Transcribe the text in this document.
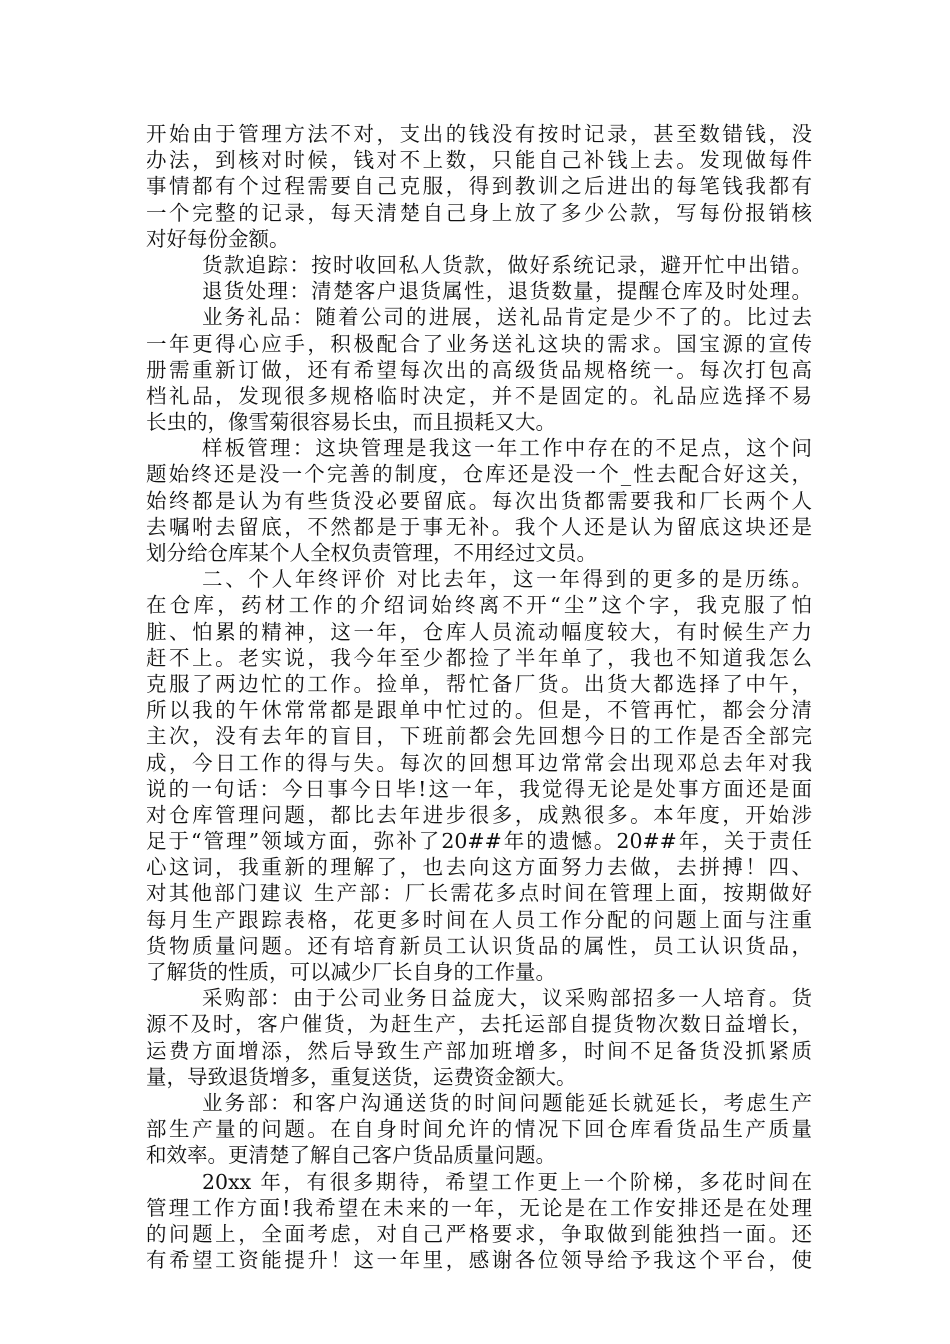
开始由于管理方法不对，支出的钱没有按时记录，甚至数错钱，没
办法，到核对时候，钱对不上数，只能自己补钱上去。发现做每件
事情都有个过程需要自己克服，得到教训之后进出的每笔钱我都有
一个完整的记录，每天清楚自己身上放了多少公款，写每份报销核
对好每份金额。
货款追踪：按时收回私人货款，做好系统记录，避开忙中出错。
退货处理：清楚客户退货属性，退货数量，提醒仓库及时处理。
业务礼品：随着公司的进展，送礼品肯定是少不了的。比过去
一年更得心应手，积极配合了业务送礼这块的需求。国宝源的宣传
册需重新订做，还有希望每次出的高级货品规格统一。每次打包高
档礼品，发现很多规格临时决定，并不是固定的。礼品应选择不易
长虫的，像雪菊很容易长虫，而且损耗又大。
样板管理：这块管理是我这一年工作中存在的不足点，这个问
题始终还是没一个完善的制度，仓库还是没一个_性去配合好这关，
始终都是认为有些货没必要留底。每次出货都需要我和厂长两个人
去嘱咐去留底，不然都是于事无补。我个人还是认为留底这块还是
划分给仓库某个人全权负责管理，不用经过文员。
二、个人年终评价 对比去年，这一年得到的更多的是历练。
在仓库，药材工作的介绍词始终离不开“尘”这个字，我克服了怕
脏、怕累的精神，这一年，仓库人员流动幅度较大，有时候生产力
赶不上。老实说，我今年至少都捡了半年单了，我也不知道我怎么
克服了两边忙的工作。捡单，帮忙备厂货。出货大都选择了中午，
所以我的午休常常都是跟单中忙过的。但是，不管再忙，都会分清
主次，没有去年的盲目，下班前都会先回想今日的工作是否全部完
成，今日工作的得与失。每次的回想耳边常常会出现邓总去年对我
说的一句话：今日事今日毕!这一年，我觉得无论是处事方面还是面
对仓库管理问题，都比去年进步很多，成熟很多。本年度，开始涉
足于“管理”领域方面，弥补了20##年的遗憾。20##年，关于责任
心这词，我重新的理解了，也去向这方面努力去做，去拼搏！四、
对其他部门建议 生产部：厂长需花多点时间在管理上面，按期做好
每月生产跟踪表格，花更多时间在人员工作分配的问题上面与注重
货物质量问题。还有培育新员工认识货品的属性，员工认识货品，
了解货的性质，可以减少厂长自身的工作量。
采购部：由于公司业务日益庞大，议采购部招多一人培育。货
源不及时，客户催货，为赶生产，去托运部自提货物次数日益增长，
运费方面增添，然后导致生产部加班增多，时间不足备货没抓紧质
量，导致退货增多，重复送货，运费资金额大。
业务部：和客户沟通送货的时间问题能延长就延长，考虑生产
部生产量的问题。在自身时间允许的情况下回仓库看货品生产质量
和效率。更清楚了解自己客户货品质量问题。
20xx 年，有很多期待，希望工作更上一个阶梯，多花时间在
管理工作方面!我希望在未来的一年，无论是在工作安排还是在处理
的问题上，全面考虑，对自己严格要求，争取做到能独挡一面。还
有希望工资能提升！这一年里，感谢各位领导给予我这个平台，使
